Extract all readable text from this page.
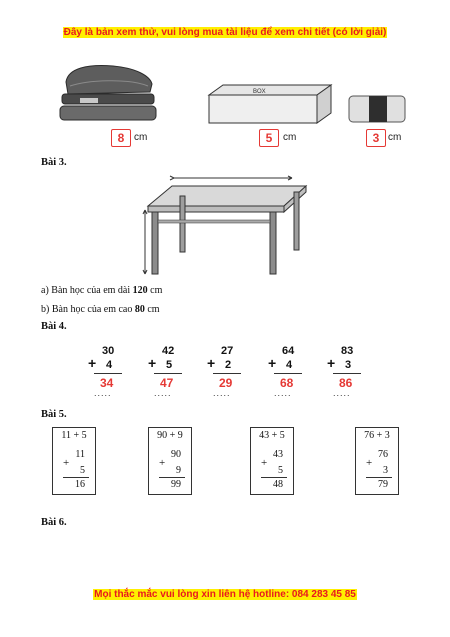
Đây là bản xem thử, vui lòng mua tài liệu để xem chi tiết (có lời giải)
8 cm
BOX
5	cm	3 cm
Bài 3.
a) Bàn học của em dài 120 cm
b) Bàn học của em cao 80 cm
Bài 4.
+
30
4
34
.....
+
42
5
47
.....
+
27
2
29
.....
+
64
4
68
.....
+
83
3
86
.....
Bài 5.
11 + 5
11
+
5
16
90 + 9
90
+
9
99
43 + 5
43
+
5
48
76 + 3
76
+
3
79
Bài 6.
Mọi thắc mắc vui lòng xin liên hệ hotline: 084 283 45 85
